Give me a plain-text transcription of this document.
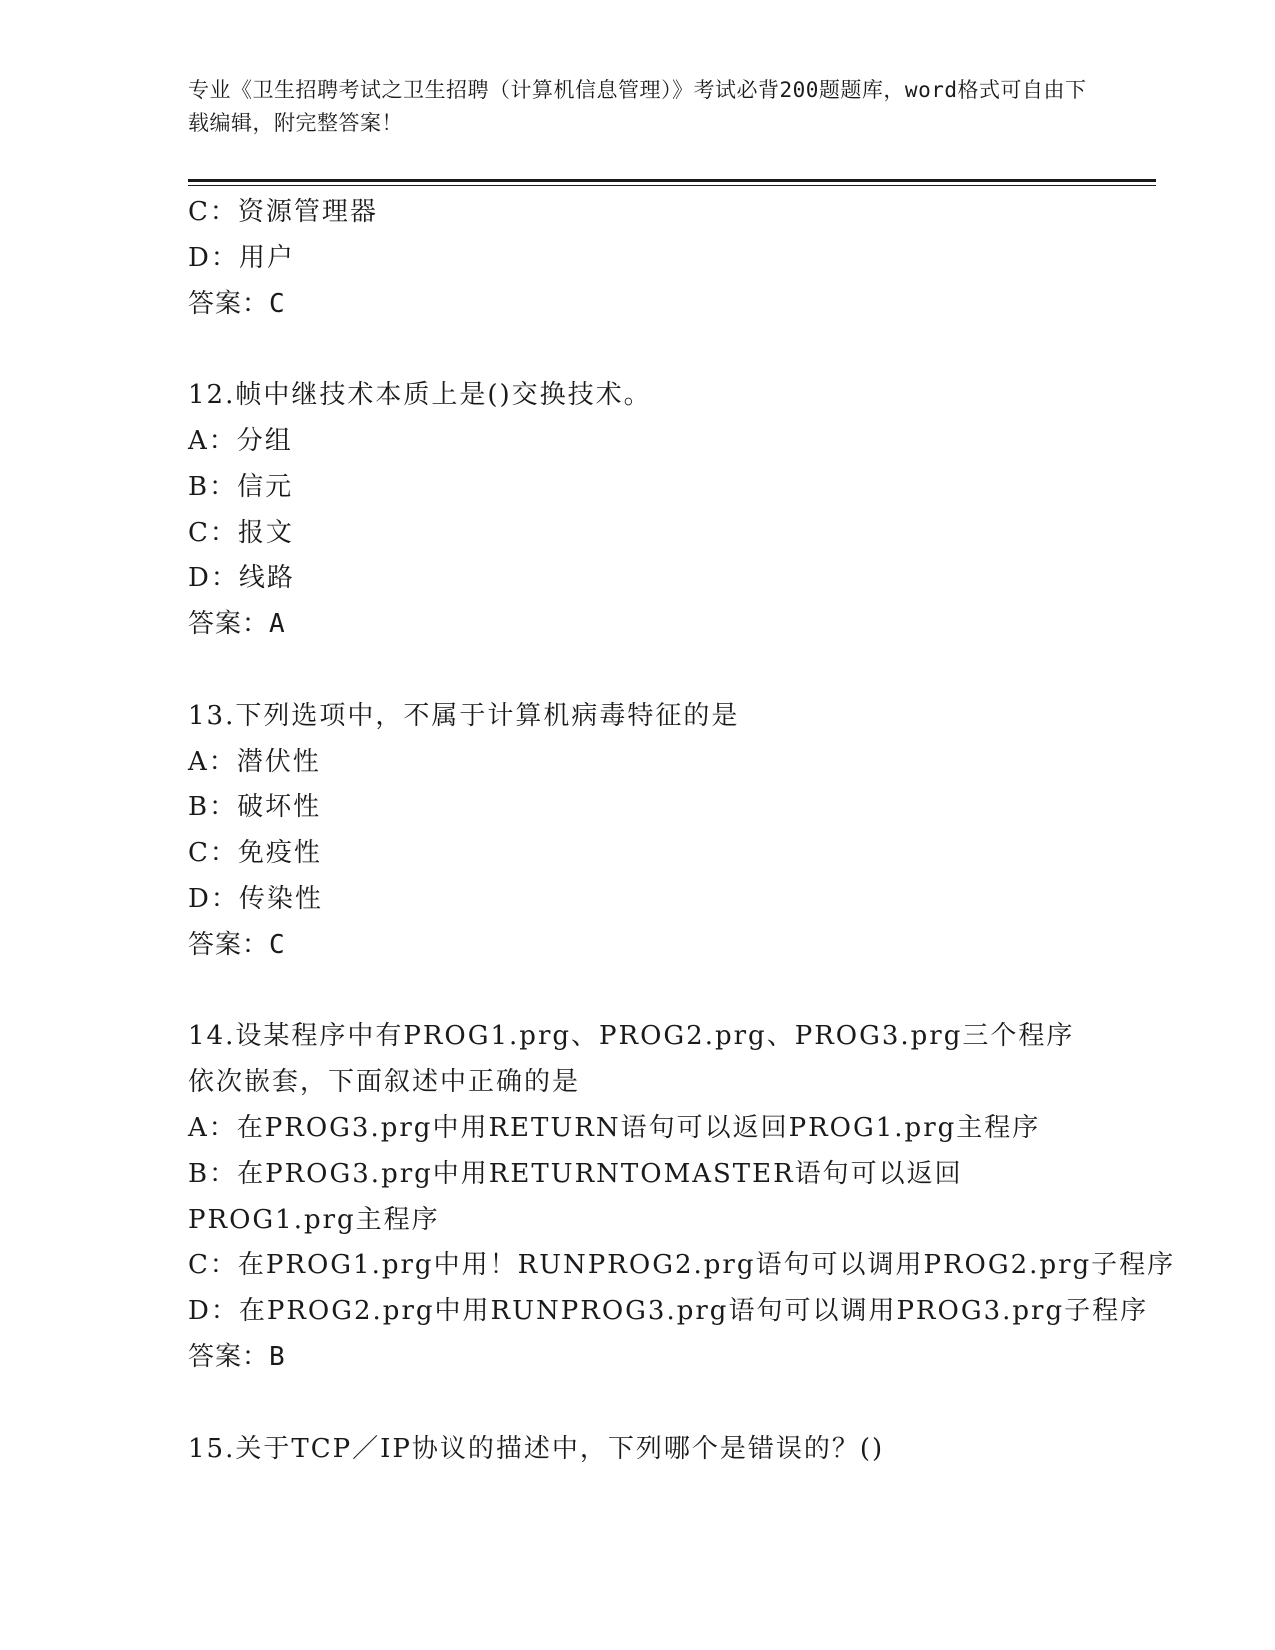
专业《卫生招聘考试之卫生招聘（计算机信息管理）》考试必背200题题库，word格式可自由下载编辑，附完整答案！
C：资源管理器
D：用户
答案：C
12.帧中继技术本质上是()交换技术。
A：分组
B：信元
C：报文
D：线路
答案：A
13.下列选项中，不属于计算机病毒特征的是
A：潜伏性
B：破坏性
C：免疫性
D：传染性
答案：C
14.设某程序中有PROG1.prg、PROG2.prg、PROG3.prg三个程序依次嵌套，下面叙述中正确的是
A：在PROG3.prg中用RETURN语句可以返回PROG1.prg主程序
B：在PROG3.prg中用RETURNTOMASTER语句可以返回PROG1.prg主程序
C：在PROG1.prg中用！RUNPROG2.prg语句可以调用PROG2.prg子程序
D：在PROG2.prg中用RUNPROG3.prg语句可以调用PROG3.prg子程序
答案：B
15.关于TCP／IP协议的描述中，下列哪个是错误的？()
